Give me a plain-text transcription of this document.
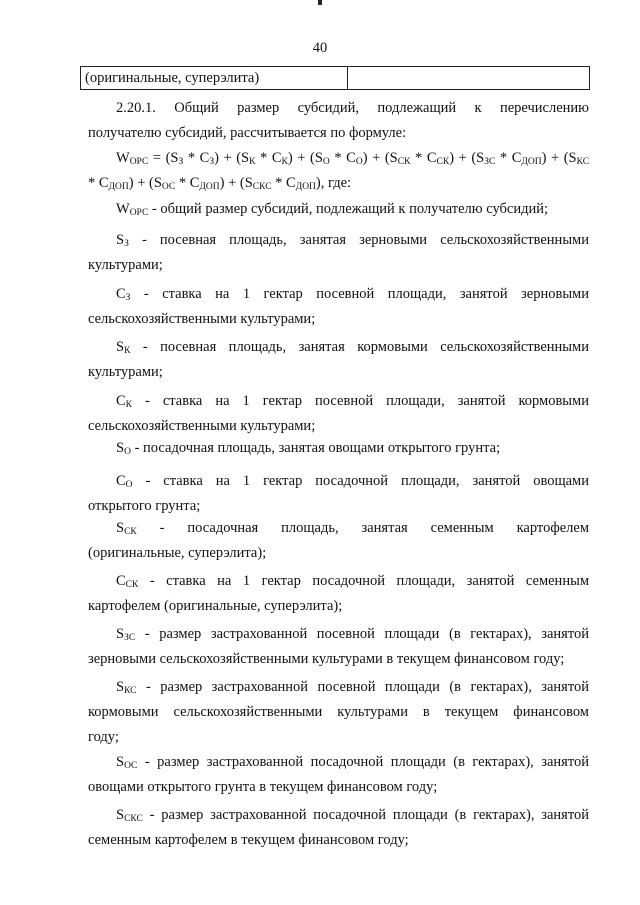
40
(оригинальные, суперэлита)	
2.20.1. Общий размер субсидий, подлежащий к перечислению
получателю субсидий, рассчитывается по формуле:
$W_{ОРС} = (S_З * С_З) + (S_К * С_К) + (S_О * С_О) + (S_{СК} * С_{СК}) + (S_{ЗС} * С_{ДОП}) + (S_{КС}$
* $С_{ДОП}) + (S_{ОС} * С_{ДОП}) + (S_{СКС} * С_{ДОП})$, где:
$W_{ОРС}$ - общий размер субсидий, подлежащий к получателю субсидий;
$S_З$ - посевная площадь, занятая зерновыми сельскохозяйственными
культурами;
$С_З$ - ставка на 1 гектар посевной площади, занятой зерновыми
сельскохозяйственными культурами;
$S_К$ - посевная площадь, занятая кормовыми сельскохозяйственными
культурами;
$С_К$ - ставка на 1 гектар посевной площади, занятой кормовыми
сельскохозяйственными культурами;
$S_О$ - посадочная площадь, занятая овощами открытого грунта;
$С_О$ - ставка на 1 гектар посадочной площади, занятой овощами
открытого грунта;
$S_{СК}$ - посадочная площадь, занятая семенным картофелем
(оригинальные, суперэлита);
$С_{СК}$ - ставка на 1 гектар посадочной площади, занятой семенным
картофелем (оригинальные, суперэлита);
$S_{ЗС}$ - размер застрахованной посевной площади (в гектарах), занятой
зерновыми сельскохозяйственными культурами в текущем финансовом году;
$S_{КС}$ - размер застрахованной посевной площади (в гектарах), занятой
кормовыми сельскохозяйственными культурами в текущем финансовом
году;
$S_{ОС}$ - размер застрахованной посадочной площади (в гектарах), занятой
овощами открытого грунта в текущем финансовом году;
$S_{СКС}$ - размер застрахованной посадочной площади (в гектарах), занятой
семенным картофелем в текущем финансовом году;
